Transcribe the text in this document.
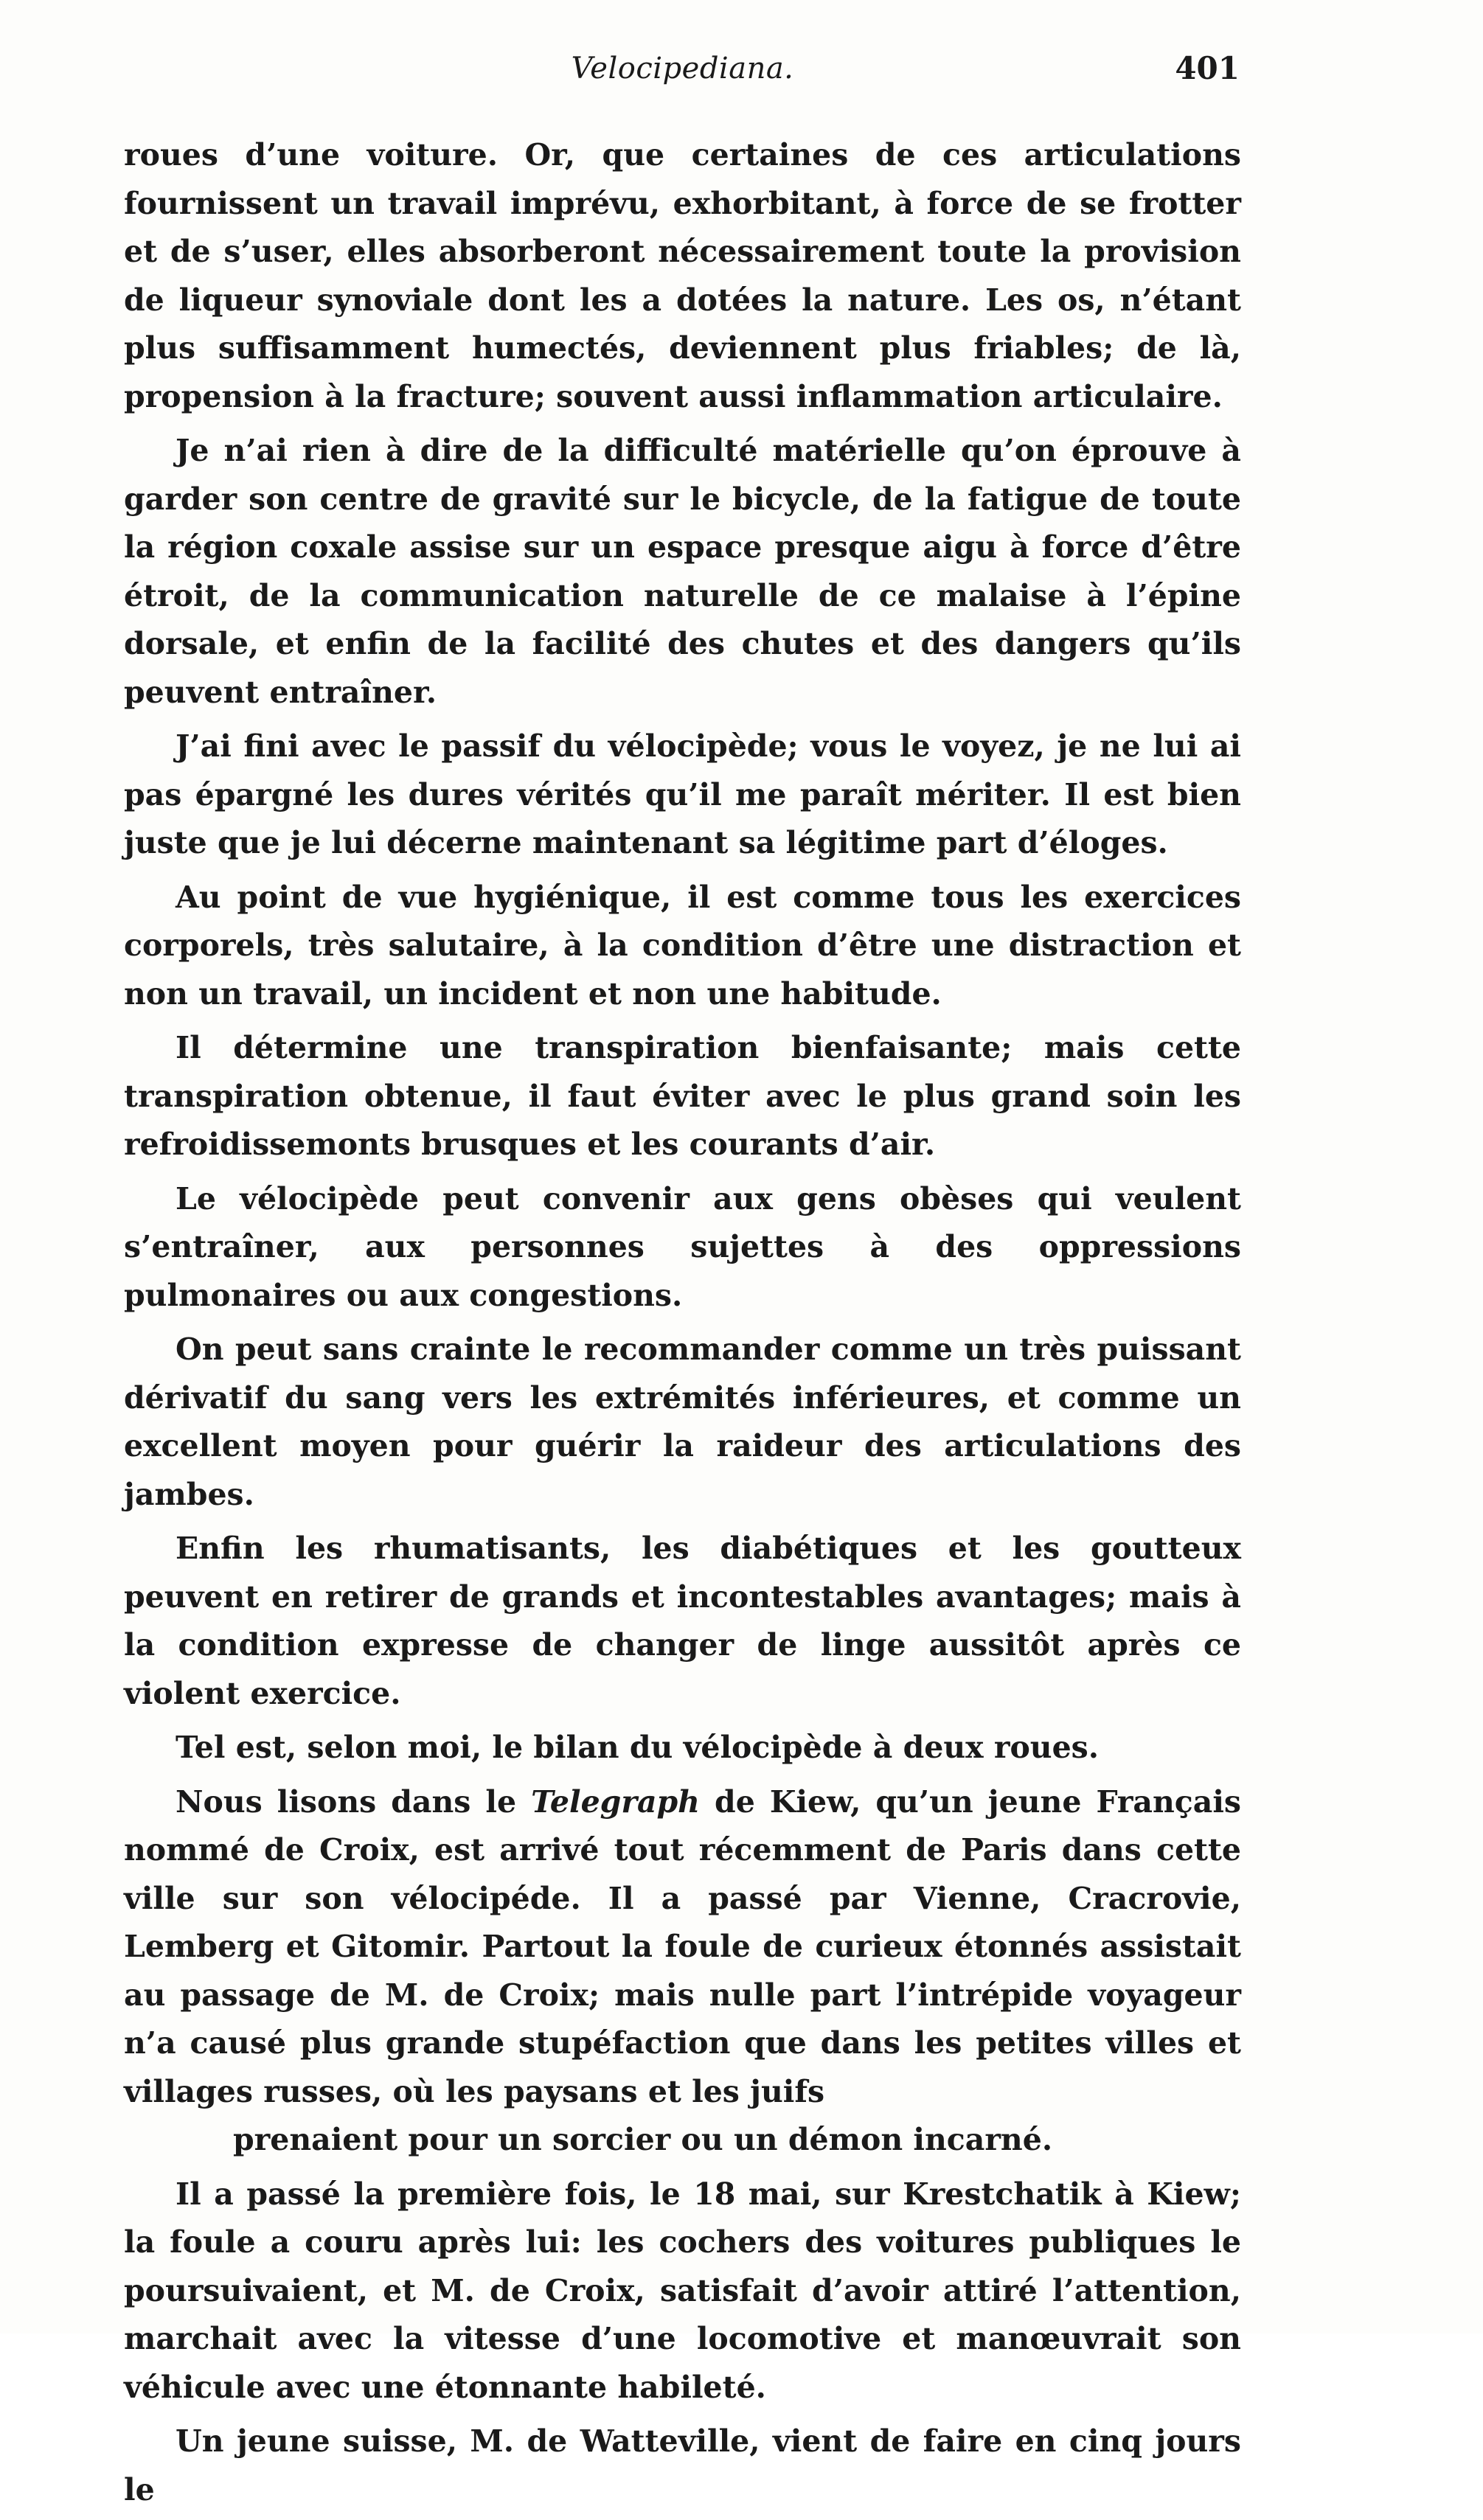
Velocipediana.	401

roues d’une voiture. Or, que certaines de ces articulations fournissent un travail imprévu, exhorbitant, à force de se frotter et de s’user, elles absorberont nécessairement toute la provision de liqueur synoviale dont les a dotées la nature. Les os, n’étant plus suffisamment humectés, deviennent plus friables; de là, propension à la fracture; souvent aussi inflammation articulaire.

Je n’ai rien à dire de la difficulté matérielle qu’on éprouve à garder son centre de gravité sur le bicycle, de la fatigue de toute la région coxale assise sur un espace presque aigu à force d’être étroit, de la communication naturelle de ce malaise à l’épine dorsale, et enfin de la facilité des chutes et des dangers qu’ils peuvent entraîner.

J’ai fini avec le passif du vélocipède; vous le voyez, je ne lui ai pas épargné les dures vérités qu’il me paraît mériter. Il est bien juste que je lui décerne maintenant sa légitime part d’éloges.

Au point de vue hygiénique, il est comme tous les exercices corporels, très salutaire, à la condition d’être une distraction et non un travail, un incident et non une habitude.

Il détermine une transpiration bienfaisante; mais cette transpiration obtenue, il faut éviter avec le plus grand soin les refroidissemonts brusques et les courants d’air.

Le vélocipède peut convenir aux gens obèses qui veulent s’entraîner, aux personnes sujettes à des oppressions pulmonaires ou aux congestions.

On peut sans crainte le recommander comme un très puissant dérivatif du sang vers les extrémités inférieures, et comme un excellent moyen pour guérir la raideur des articulations des jambes.

Enfin les rhumatisants, les diabétiques et les goutteux peuvent en retirer de grands et incontestables avantages; mais à la condition expresse de changer de linge aussitôt après ce violent exercice.

Tel est, selon moi, le bilan du vélocipède à deux roues.

Nous lisons dans le Telegraph de Kiew, qu’un jeune Français nommé de Croix, est arrivé tout récemment de Paris dans cette ville sur son vélocipéde. Il a passé par Vienne, Cracrovie, Lemberg et Gitomir. Partout la foule de curieux étonnés assistait au passage de M. de Croix; mais nulle part l’intrépide voyageur n’a causé plus grande stupéfaction que dans les petites villes et villages russes, où les paysans et les juifs
prenaient pour un sorcier ou un démon incarné.

Il a passé la première fois, le 18 mai, sur Krestchatik à Kiew; la foule a couru après lui: les cochers des voitures publiques le poursuivaient, et M. de Croix, satisfait d’avoir attiré l’attention, marchait avec la vitesse d’une locomotive et manœuvrait son véhicule avec une étonnante habileté.

Un jeune suisse, M. de Watteville, vient de faire en cinq jours le
